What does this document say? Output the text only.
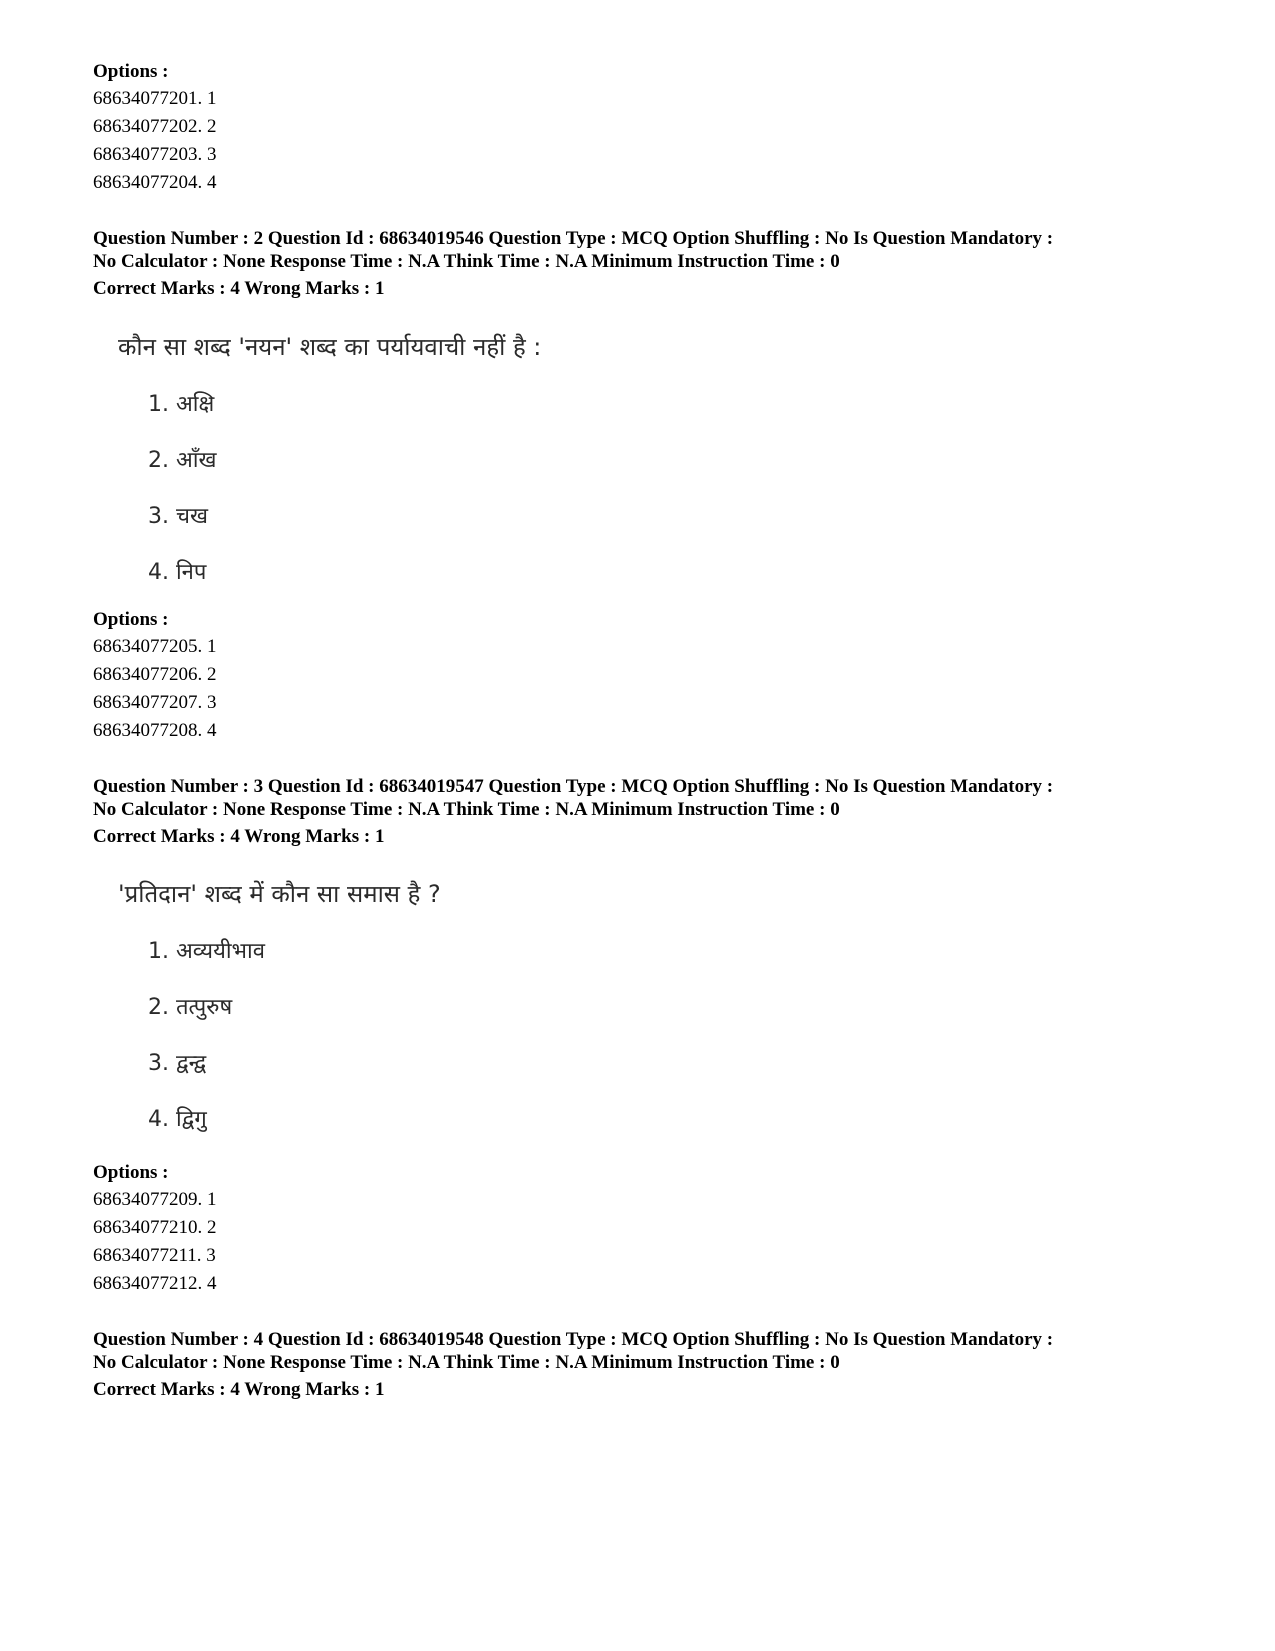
Options :
68634077201. 1
68634077202. 2
68634077203. 3
68634077204. 4
Question Number : 2 Question Id : 68634019546 Question Type : MCQ Option Shuffling : No Is Question Mandatory :
No Calculator : None Response Time : N.A Think Time : N.A Minimum Instruction Time : 0
Correct Marks : 4 Wrong Marks : 1
कौन सा शब्द 'नयन' शब्द का पर्यायवाची नहीं है :
1. अक्षि
2. आँख
3. चख
4. निप
Options :
68634077205. 1
68634077206. 2
68634077207. 3
68634077208. 4
Question Number : 3 Question Id : 68634019547 Question Type : MCQ Option Shuffling : No Is Question Mandatory :
No Calculator : None Response Time : N.A Think Time : N.A Minimum Instruction Time : 0
Correct Marks : 4 Wrong Marks : 1
'प्रतिदान' शब्द में कौन सा समास है ?
1. अव्ययीभाव
2. तत्पुरुष
3. द्वन्द्व
4. द्विगु
Options :
68634077209. 1
68634077210. 2
68634077211. 3
68634077212. 4
Question Number : 4 Question Id : 68634019548 Question Type : MCQ Option Shuffling : No Is Question Mandatory :
No Calculator : None Response Time : N.A Think Time : N.A Minimum Instruction Time : 0
Correct Marks : 4 Wrong Marks : 1
